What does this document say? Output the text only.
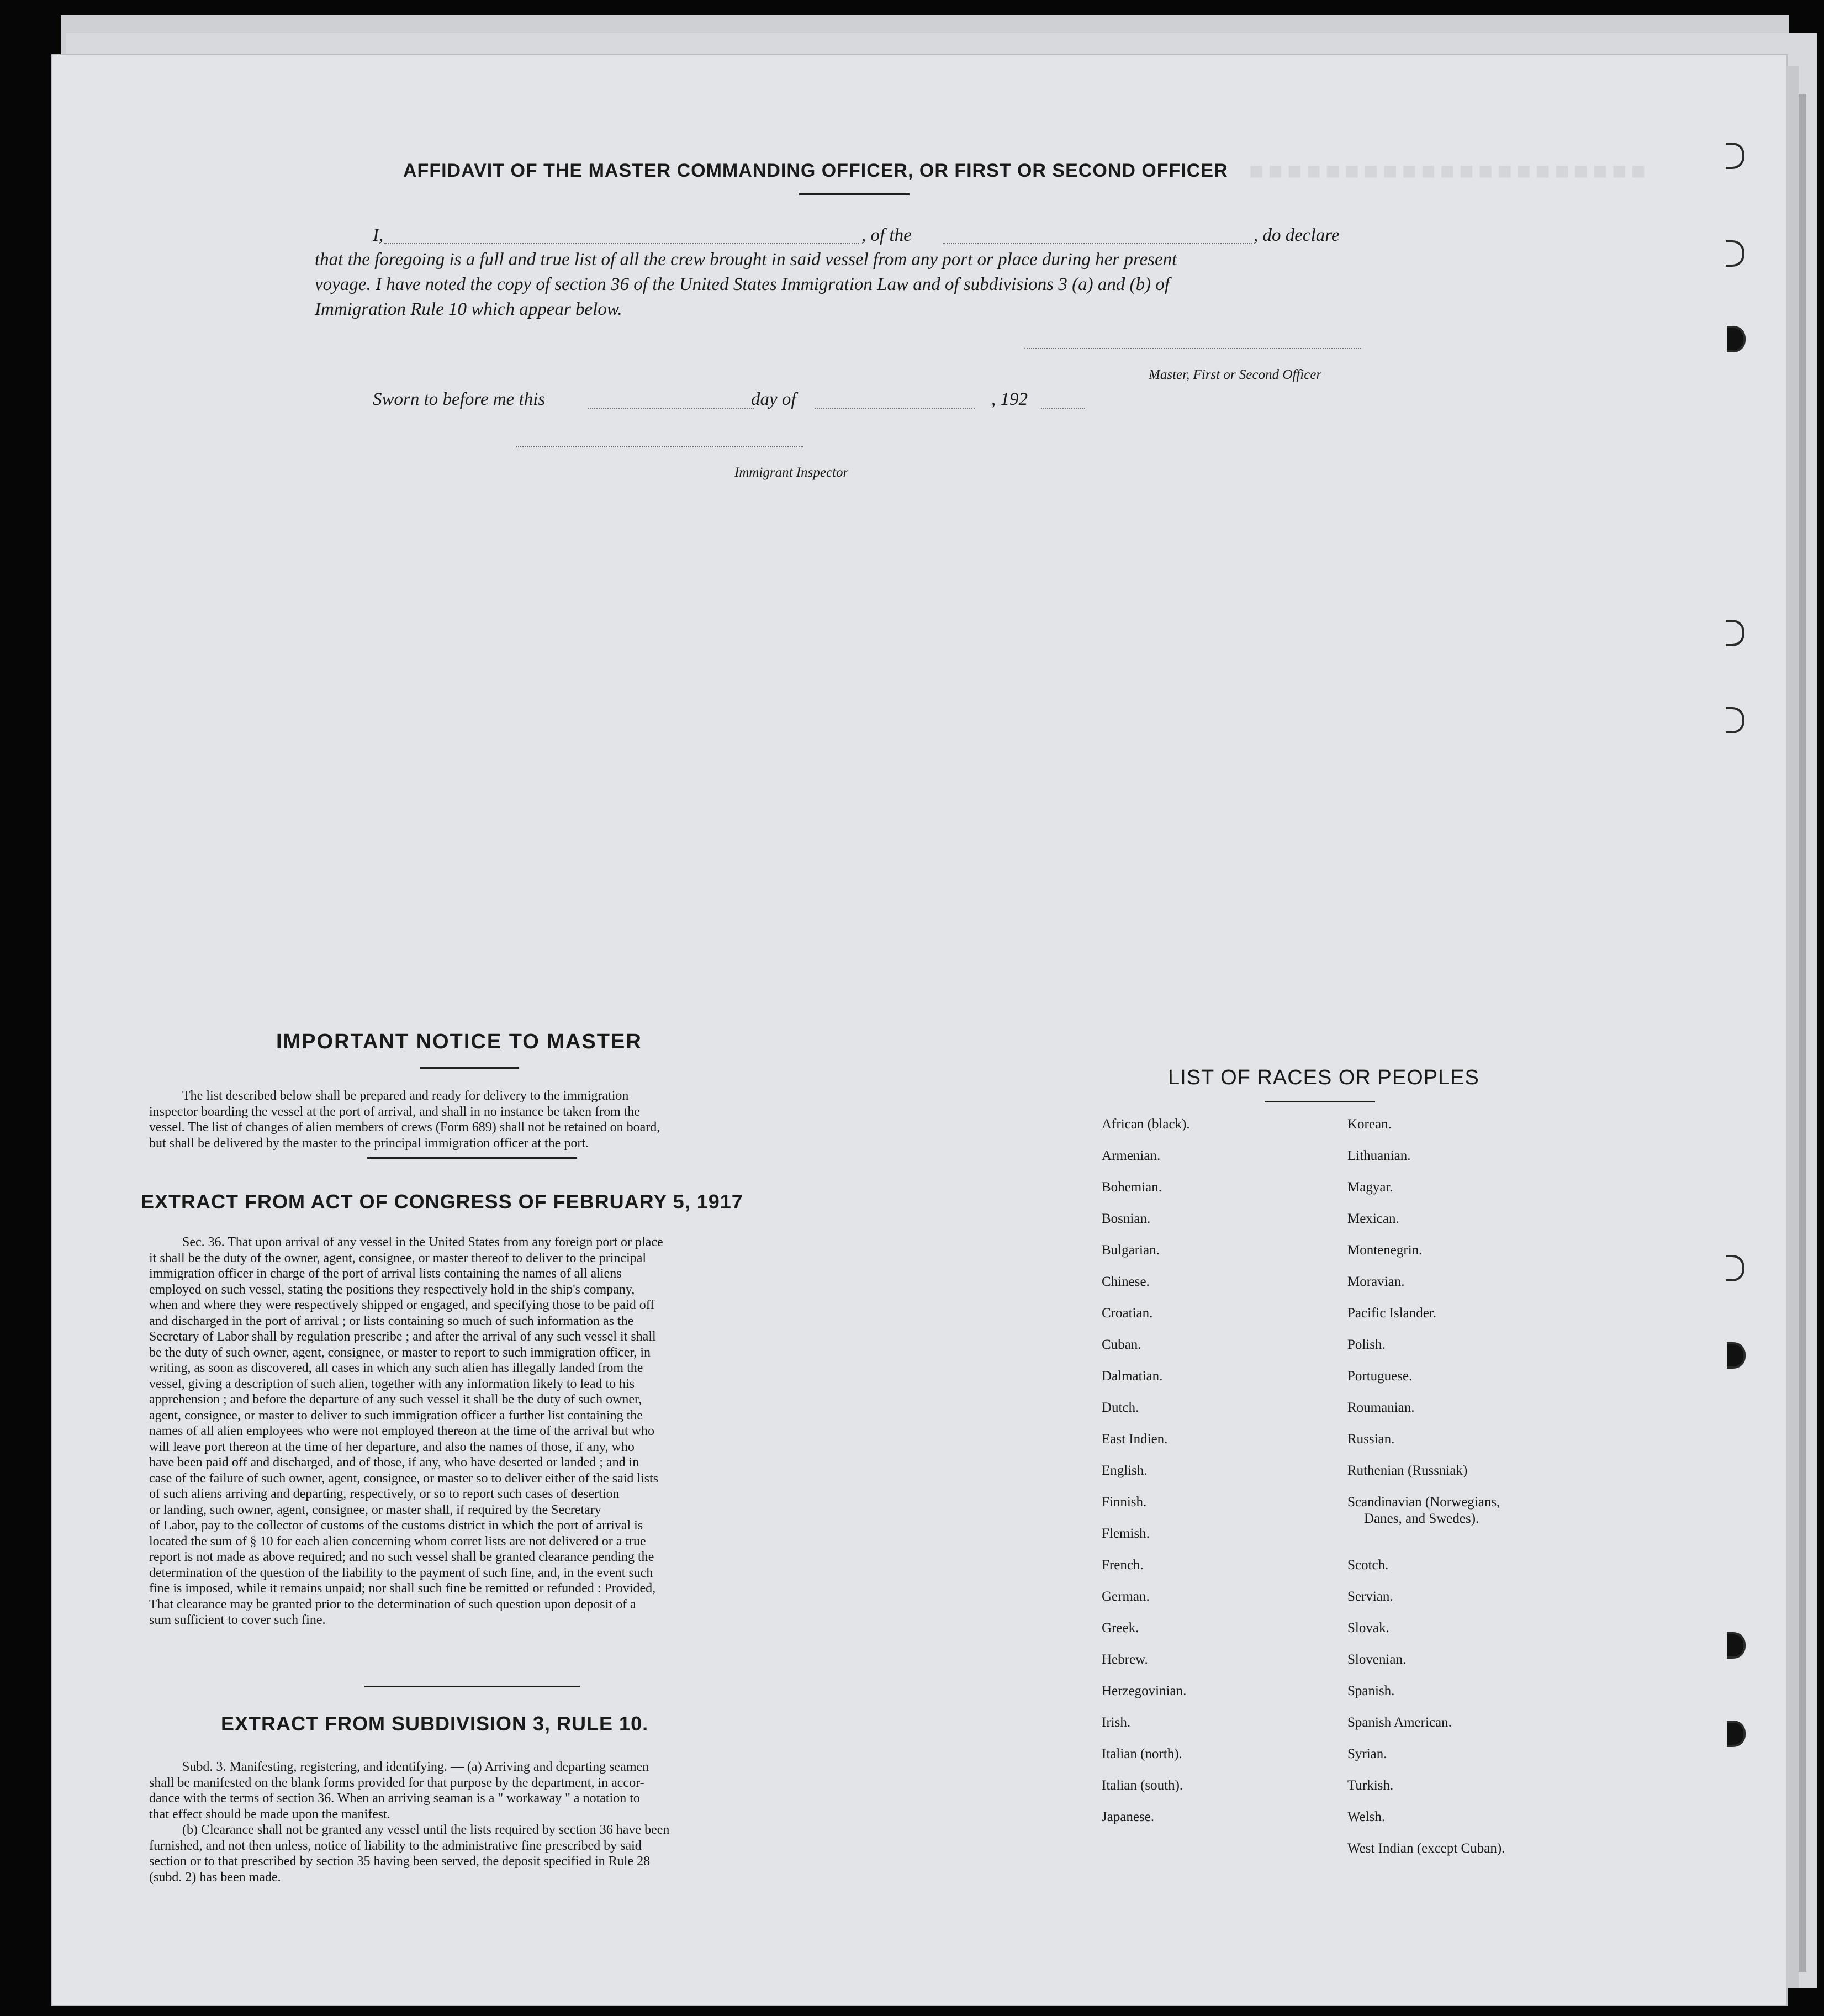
■■■■■■■■■■■■■■■■■■■■■
AFFIDAVIT OF THE MASTER COMMANDING OFFICER, OR FIRST OR SECOND OFFICER
I,	, of the	, do declare
that the foregoing is a full and true list of all the crew brought in said vessel from any port or place during her present
voyage. I have noted the copy of section 36 of the United States Immigration Law and of subdivisions 3 (a) and (b) of
Immigration Rule 10 which appear below.
Master, First or Second Officer
Sworn to before me this	day of	, 192
Immigrant Inspector
IMPORTANT NOTICE TO MASTER
The list described below shall be prepared and ready for delivery to the immigration
inspector boarding the vessel at the port of arrival, and shall in no instance be taken from the
vessel. The list of changes of alien members of crews (Form 689) shall not be retained on board,
but shall be delivered by the master to the principal immigration officer at the port.
EXTRACT FROM ACT OF CONGRESS OF FEBRUARY 5, 1917
Sec. 36. That upon arrival of any vessel in the United States from any foreign port or place
it shall be the duty of the owner, agent, consignee, or master thereof to deliver to the principal
immigration officer in charge of the port of arrival lists containing the names of all aliens
employed on such vessel, stating the positions they respectively hold in the ship's company,
when and where they were respectively shipped or engaged, and specifying those to be paid off
and discharged in the port of arrival ; or lists containing so much of such information as the
Secretary of Labor shall by regulation prescribe ; and after the arrival of any such vessel it shall
be the duty of such owner, agent, consignee, or master to report to such immigration officer, in
writing, as soon as discovered, all cases in which any such alien has illegally landed from the
vessel, giving a description of such alien, together with any information likely to lead to his
apprehension ; and before the departure of any such vessel it shall be the duty of such owner,
agent, consignee, or master to deliver to such immigration officer a further list containing the
names of all alien employees who were not employed thereon at the time of the arrival but who
will leave port thereon at the time of her departure, and also the names of those, if any, who
have been paid off and discharged, and of those, if any, who have deserted or landed ; and in
case of the failure of such owner, agent, consignee, or master so to deliver either of the said lists
of such aliens arriving and departing, respectively, or so to report such cases of desertion
or landing, such owner, agent, consignee, or master shall, if required by the Secretary
of Labor, pay to the collector of customs of the customs district in which the port of arrival is
located the sum of § 10 for each alien concerning whom corret lists are not delivered or a true
report is not made as above required; and no such vessel shall be granted clearance pending the
determination of the question of the liability to the payment of such fine, and, in the event such
fine is imposed, while it remains unpaid; nor shall such fine be remitted or refunded : Provided,
That clearance may be granted prior to the determination of such question upon deposit of a
sum sufficient to cover such fine.
EXTRACT FROM SUBDIVISION 3, RULE 10.
Subd. 3. Manifesting, registering, and identifying. — (a) Arriving and departing seamen
shall be manifested on the blank forms provided for that purpose by the department, in accor-
dance with the terms of section 36. When an arriving seaman is a " workaway " a notation to
that effect should be made upon the manifest.
(b) Clearance shall not be granted any vessel until the lists required by section 36 have been
furnished, and not then unless, notice of liability to the administrative fine prescribed by said
section or to that prescribed by section 35 having been served, the deposit specified in Rule 28
(subd. 2) has been made.
LIST OF RACES OR PEOPLES
African (black).
Armenian.
Bohemian.
Bosnian.
Bulgarian.
Chinese.
Croatian.
Cuban.
Dalmatian.
Dutch.
East Indien.
English.
Finnish.
Flemish.
French.
German.
Greek.
Hebrew.
Herzegovinian.
Irish.
Italian (north).
Italian (south).
Japanese.
Korean.
Lithuanian.
Magyar.
Mexican.
Montenegrin.
Moravian.
Pacific Islander.
Polish.
Portuguese.
Roumanian.
Russian.
Ruthenian (Russniak)
Scandinavian (Norwegians,
Danes, and Swedes).
Scotch.
Servian.
Slovak.
Slovenian.
Spanish.
Spanish American.
Syrian.
Turkish.
Welsh.
West Indian (except Cuban).
